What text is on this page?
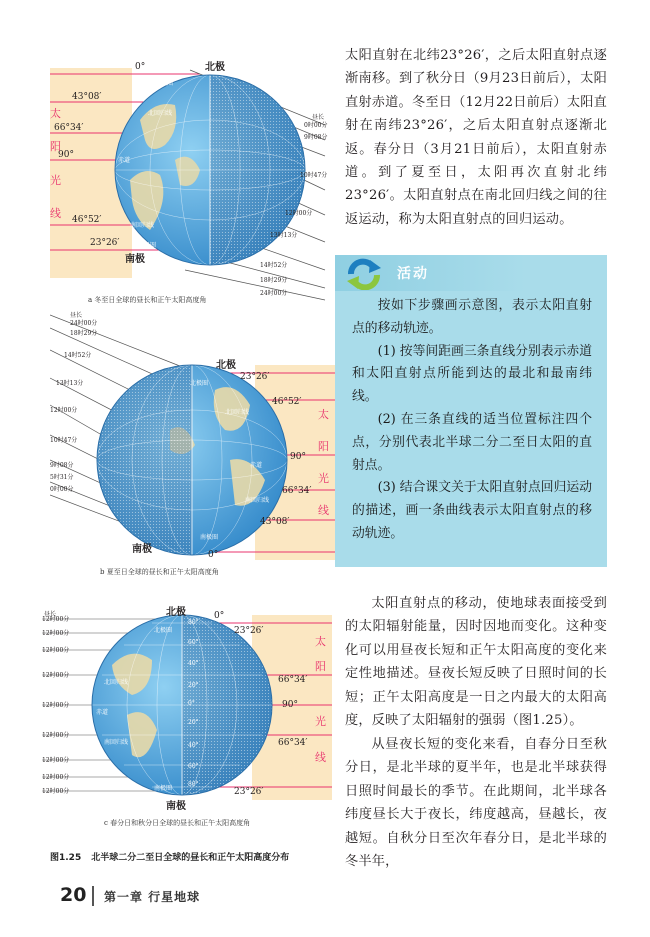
北极
南极
0°
43°08′
66°34′
90°
46°52′
23°26′
太
阳
光
线
北极圈
北回归线
赤道
南回归线
南极圈
昼长
0时00分
9时08分
10时47分
12时00分
13时13分
14时52分
18时29分
24时00分
a 冬至日全球的昼长和正午太阳高度角
北极
南极	0°
23°26′
46°52′
90°
66°34′
43°08′
太
阳
光
线
北极圈
北回归线
赤道
南回归线
南极圈
昼长
24时00分
18时29分
14时52分
13时13分
12时00分
10时47分
9时08分
5时31分
0时00分
b 夏至日全球的昼长和正午太阳高度角
北极
南极
0°
23°26′
66°34′
90°
66°34′
23°26′
太
阳
光
线
北极圈
北回归线
赤道
南回归线
南极圈
80°
60°
40°
20°
0°
20°
40°
60°
80°
昼长
12时00分
12时00分
12时00分
12时00分
12时00分
12时00分
12时00分
12时00分
12时00分
c 春分日和秋分日全球的昼长和正午太阳高度角
图1.25 北半球二分二至日全球的昼长和正午太阳高度分布
太阳直射在北纬23°26′，之后太阳直射点逐渐南移。到了秋分日（9月23日前后），太阳直射赤道。冬至日（12月22日前后）太阳直射在南纬23°26′，之后太阳直射点逐渐北返。春分日（3月21日前后），太阳直射赤道。到了夏至日，太阳再次直射北纬23°26′。太阳直射点在南北回归线之间的往返运动，称为太阳直射点的回归运动。
活动

按如下步骤画示意图，表示太阳直射点的移动轨迹。

(1) 按等间距画三条直线分别表示赤道和太阳直射点所能到达的最北和最南纬线。

(2) 在三条直线的适当位置标注四个点，分别代表北半球二分二至日太阳的直射点。

(3) 结合课文关于太阳直射点回归运动的描述，画一条曲线表示太阳直射点的移动轨迹。

太阳直射点的移动，使地球表面接受到的太阳辐射能量，因时因地而变化。这种变化可以用昼夜长短和正午太阳高度的变化来定性地描述。昼夜长短反映了日照时间的长短；正午太阳高度是一日之内最大的太阳高度，反映了太阳辐射的强弱（图1.25）。
从昼夜长短的变化来看，自春分日至秋分日，是北半球的夏半年，也是北半球获得日照时间最长的季节。在此期间，北半球各纬度昼长大于夜长，纬度越高，昼越长，夜越短。自秋分日至次年春分日，是北半球的冬半年，
20 第一章 行星地球
